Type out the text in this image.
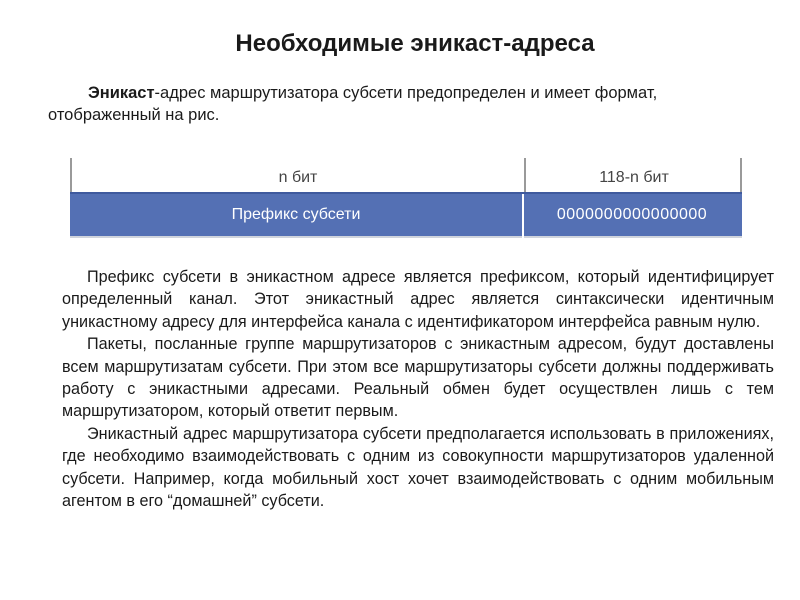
Необходимые эникаст-адреса

Эникаст-адрес маршрутизатора субсети предопределен и имеет формат, отображенный на рис.

n бит	118-n бит
Префикс субсети	0000000000000000

Префикс субсети в эникастном адресе является префиксом, который идентифицирует определенный канал. Этот эникастный адрес является синтаксически идентичным уникастному адресу для интерфейса канала с идентификатором интерфейса равным нулю.

Пакеты, посланные группе маршрутизаторов с эникастным адресом, будут доставлены всем маршрутизатам субсети. При этом все маршрутизаторы субсети должны поддерживать работу с эникастными адресами. Реальный обмен будет осуществлен лишь с тем маршрутизатором, который ответит первым.

Эникастный адрес маршрутизатора субсети предполагается использовать в приложениях, где необходимо взаимодействовать с одним из совокупности маршрутизаторов удаленной субсети. Например, когда мобильный хост хочет взаимодействовать с одним мобильным агентом в его “домашней” субсети.
